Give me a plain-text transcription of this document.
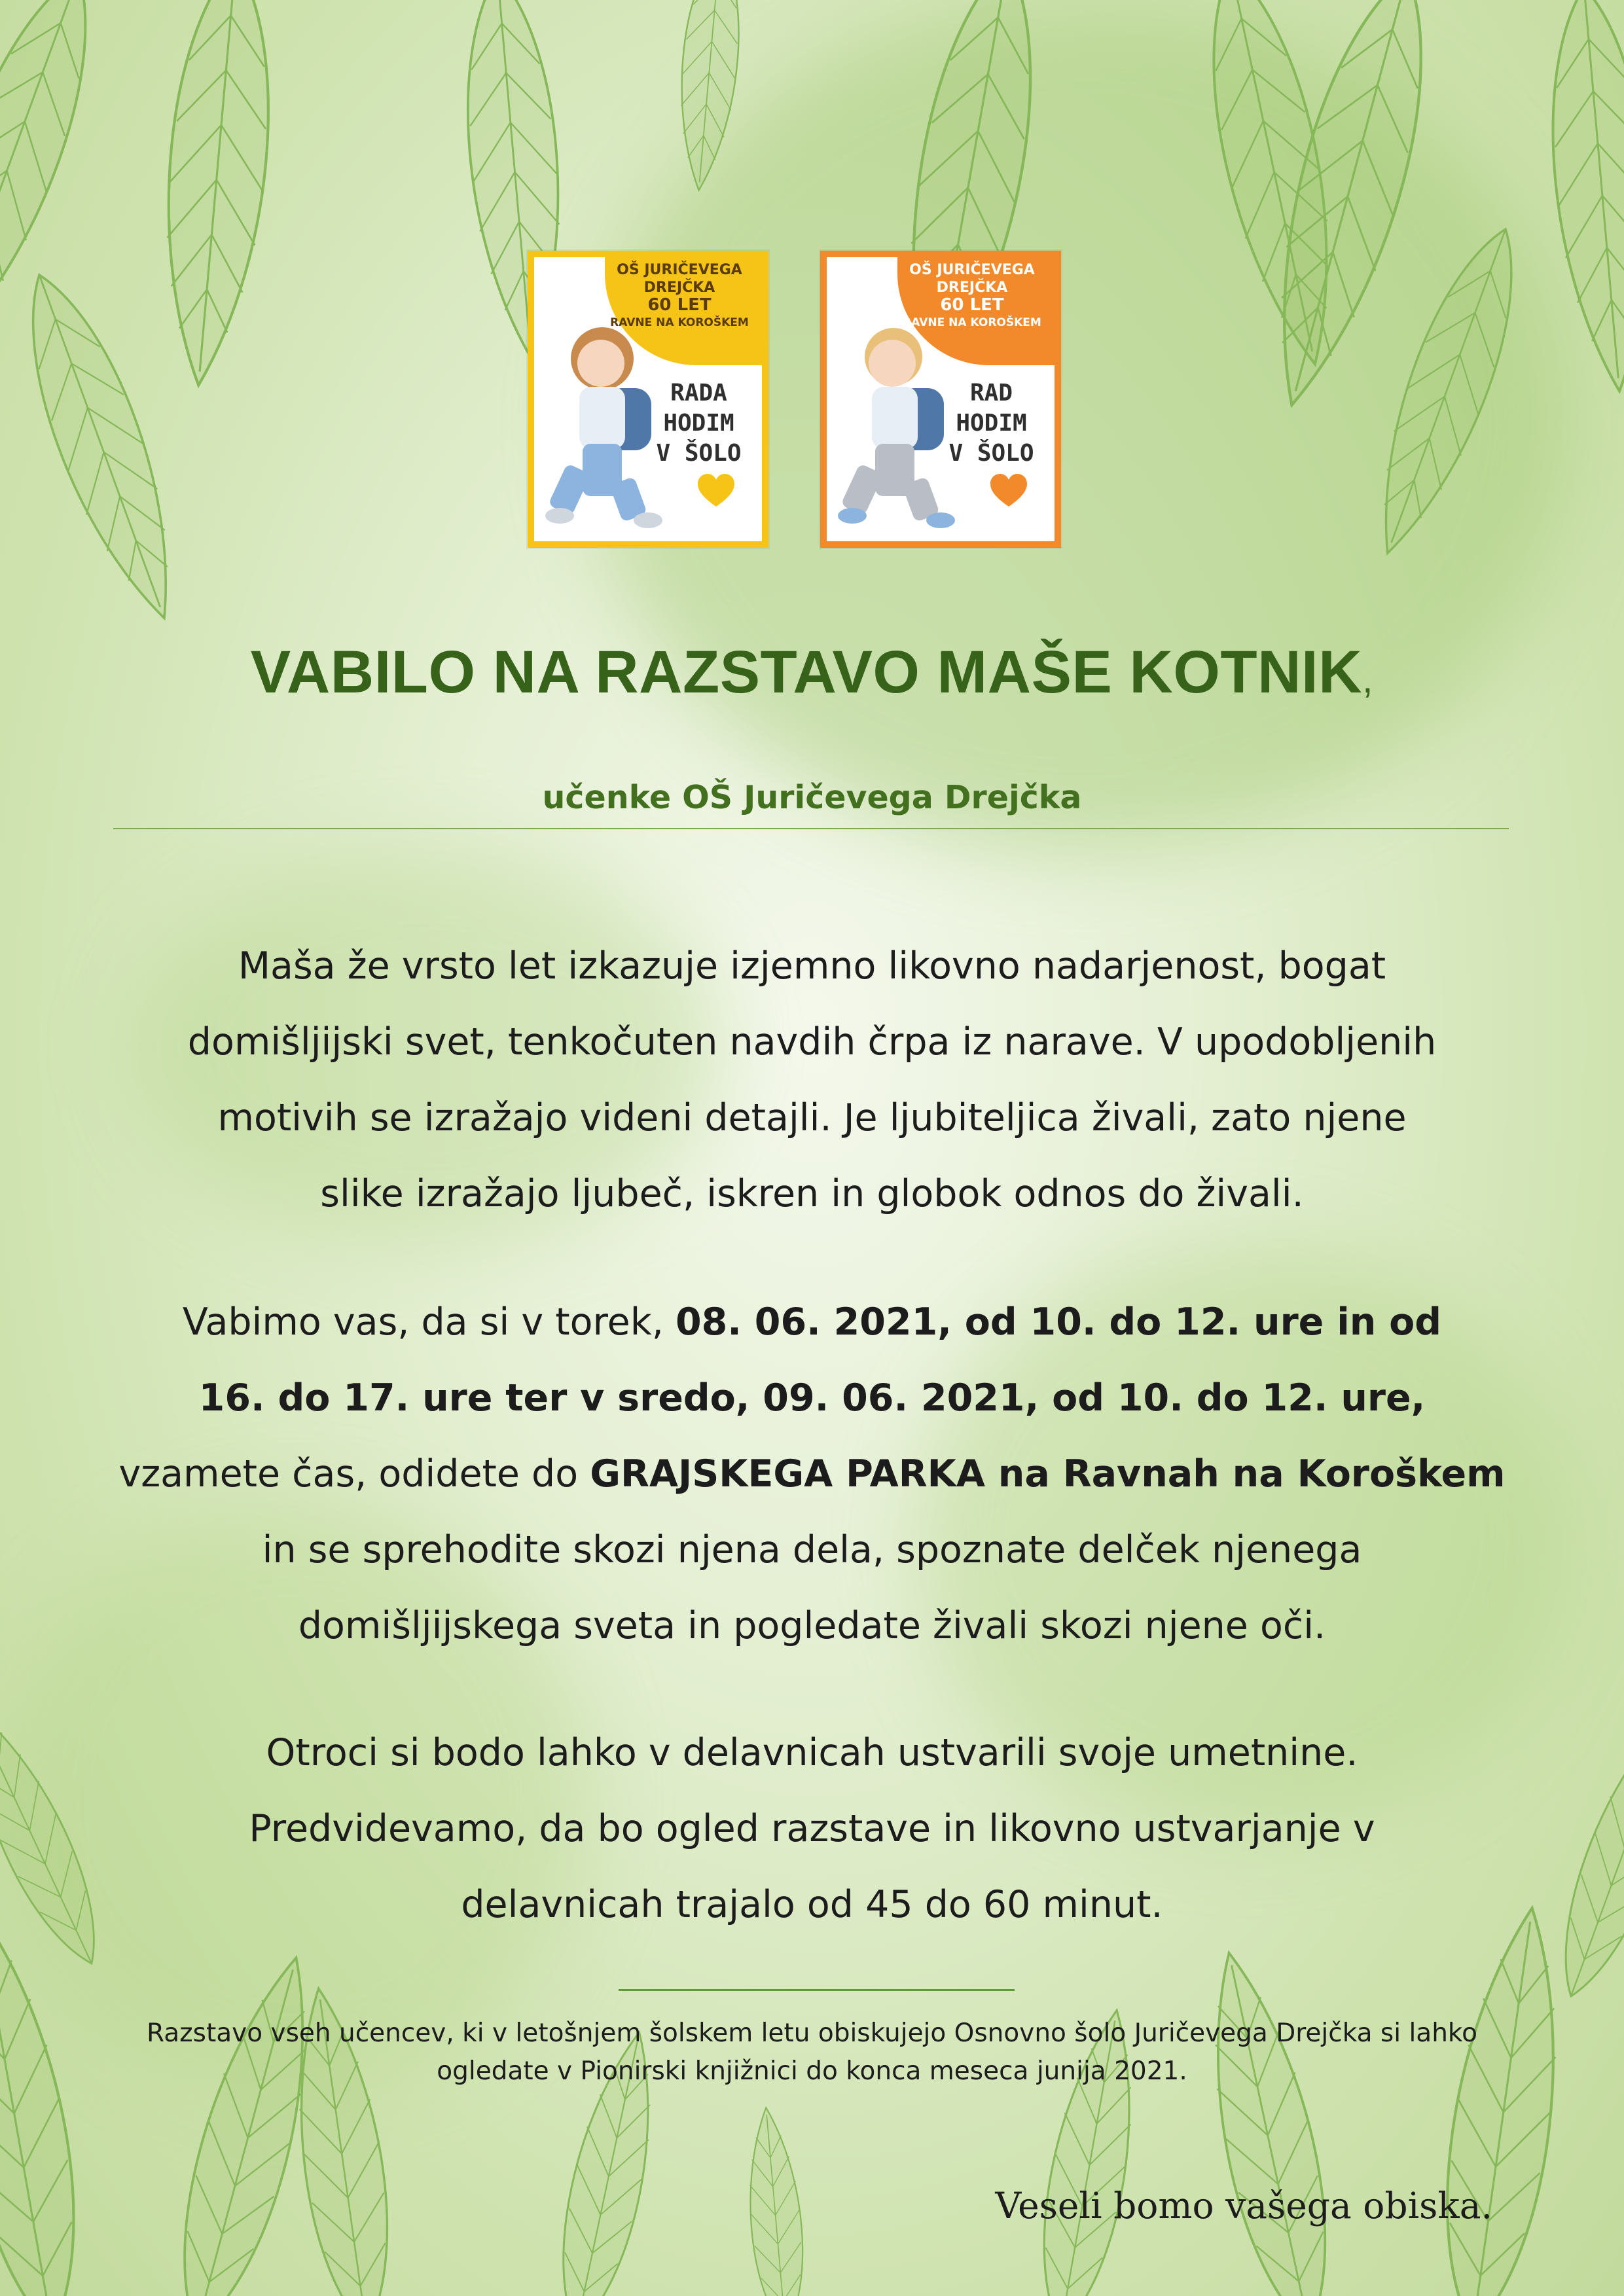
OŠ JURIČEVEGA
DREJČKA
60 LET
RAVNE NA KOROŠKEM
RADA
HODIM
V ŠOLO
OŠ JURIČEVEGA
DREJČKA
60 LET
RAVNE NA KOROŠKEM
RAD
HODIM
V ŠOLO
VABILO NA RAZSTAVO MAŠE KOTNIK,
učenke OŠ Juričevega Drejčka
Maša že vrsto let izkazuje izjemno likovno nadarjenost, bogat
domišljijski svet, tenkočuten navdih črpa iz narave. V upodobljenih
motivih se izražajo videni detajli. Je ljubiteljica živali, zato njene
slike izražajo ljubeč, iskren in globok odnos do živali.
Vabimo vas, da si v torek, 08. 06. 2021, od 10. do 12. ure in od
16. do 17. ure ter v sredo, 09. 06. 2021, od 10. do 12. ure,
vzamete čas, odidete do GRAJSKEGA PARKA na Ravnah na Koroškem
in se sprehodite skozi njena dela, spoznate delček njenega
domišljijskega sveta in pogledate živali skozi njene oči.
Otroci si bodo lahko v delavnicah ustvarili svoje umetnine.
Predvidevamo, da bo ogled razstave in likovno ustvarjanje v
delavnicah trajalo od 45 do 60 minut.
Razstavo vseh učencev, ki v letošnjem šolskem letu obiskujejo Osnovno šolo Juričevega Drejčka si lahko
ogledate v Pionirski knjižnici do konca meseca junija 2021.
Veseli bomo vašega obiska.
